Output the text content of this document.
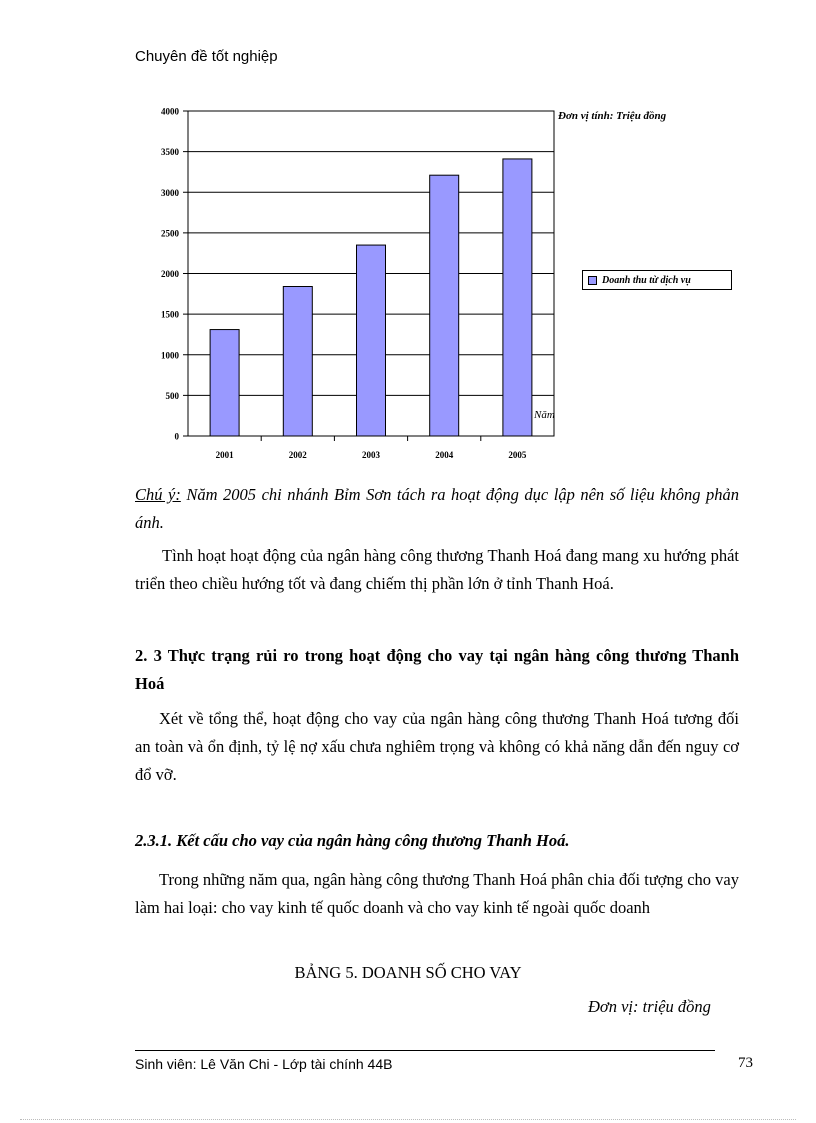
Chuyên đề tốt nghiệp
0
500
1000
1500
2000
2500
3000
3500
4000
2001	2002	2003	2004	2005
Đơn vị tính: Triệu đồng
Doanh thu từ dịch vụ
Năm
Chú ý: Năm 2005 chi nhánh Bỉm Sơn tách ra hoạt động dục lập nên số liệu không phản ánh.
Tình hoạt hoạt động của ngân hàng công thương Thanh Hoá đang mang xu hướng phát triển theo chiều hướng tốt và đang chiếm thị phần lớn ở tỉnh Thanh Hoá.
2. 3 Thực trạng rủi ro trong hoạt động cho vay tại ngân hàng công thương Thanh Hoá
Xét về tổng thể, hoạt động cho vay của ngân hàng công thương Thanh Hoá tương đối an toàn và ổn định, tỷ lệ nợ xấu chưa nghiêm trọng và không có khả năng dẫn đến nguy cơ đổ vỡ.
2.3.1. Kết cấu cho vay của ngân hàng công thương Thanh Hoá.
Trong những năm qua, ngân hàng công thương Thanh Hoá phân chia đối tượng cho vay làm hai loại: cho vay kinh tế quốc doanh và cho vay kinh tế ngoài quốc doanh
BẢNG 5. DOANH SỐ CHO VAY
Đơn vị: triệu đồng
Sinh viên: Lê Văn Chi - Lớp tài chính 44B	73
